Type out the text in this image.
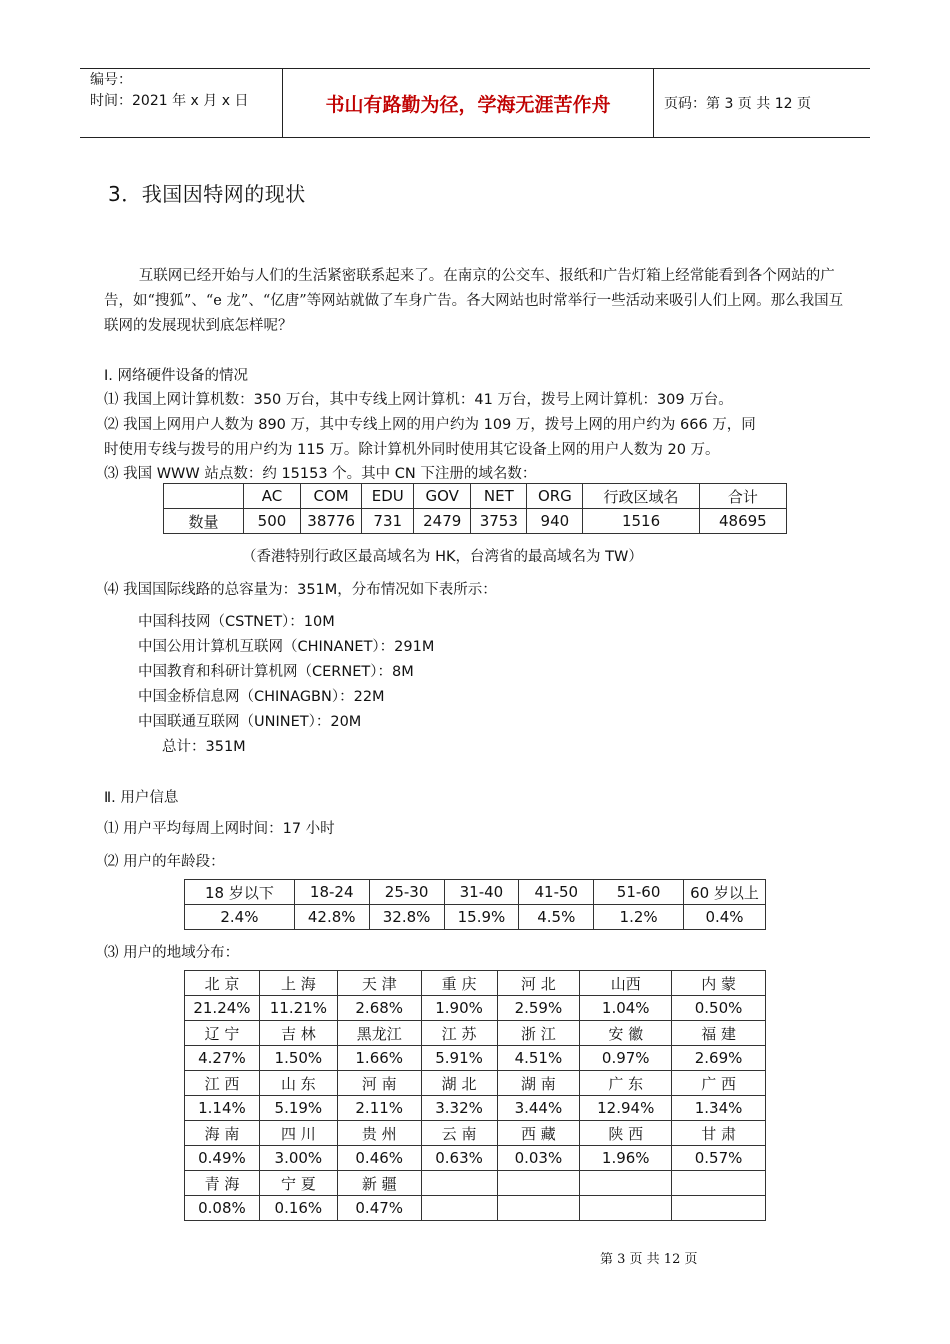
编号：
时间：2021 年 x 月 x 日	书山有路勤为径，学海无涯苦作舟	页码：第 3 页 共 12 页
3．我国因特网的现状
互联网已经开始与人们的生活紧密联系起来了。在南京的公交车、报纸和广告灯箱上经常能看到各个网站的广告，如“搜狐”、“e 龙”、“亿唐”等网站就做了车身广告。各大网站也时常举行一些活动来吸引人们上网。那么我国互联网的发展现状到底怎样呢？
Ⅰ. 网络硬件设备的情况
⑴ 我国上网计算机数：350 万台，其中专线上网计算机：41 万台，拨号上网计算机：309 万台。
⑵ 我国上网用户人数为 890 万，其中专线上网的用户约为 109 万，拨号上网的用户约为 666 万，同
时使用专线与拨号的用户约为 115 万。除计算机外同时使用其它设备上网的用户人数为 20 万。
⑶ 我国 WWW 站点数：约 15153 个。其中 CN 下注册的域名数：
	AC	COM	EDU	GOV	NET	ORG	行政区域名	合计
数量	500	38776	731	2479	3753	940	1516	48695
（香港特别行政区最高域名为 HK，台湾省的最高域名为 TW）
⑷ 我国国际线路的总容量为：351M，分布情况如下表所示：
中国科技网（CSTNET）：10M
中国公用计算机互联网（CHINANET）：291M
中国教育和科研计算机网（CERNET）：8M
中国金桥信息网（CHINAGBN）：22M
中国联通互联网（UNINET）：20M
总计：351M
Ⅱ. 用户信息
⑴ 用户平均每周上网时间：17 小时
⑵ 用户的年龄段：
18 岁以下	18-24	25-30	31-40	41-50	51-60	60 岁以上
2.4%	42.8%	32.8%	15.9%	4.5%	1.2%	0.4%
⑶ 用户的地域分布：
北 京	上 海	天 津	重 庆	河 北	山西	内 蒙
21.24%	11.21%	2.68%	1.90%	2.59%	1.04%	0.50%
辽 宁	吉 林	黑龙江	江 苏	浙 江	安 徽	福 建
4.27%	1.50%	1.66%	5.91%	4.51%	0.97%	2.69%
江 西	山 东	河 南	湖 北	湖 南	广 东	广 西
1.14%	5.19%	2.11%	3.32%	3.44%	12.94%	1.34%
海 南	四 川	贵 州	云 南	西 藏	陕 西	甘 肃
0.49%	3.00%	0.46%	0.63%	0.03%	1.96%	0.57%
青 海	宁 夏	新 疆				
0.08%	0.16%	0.47%				
第 3 页 共 12 页
